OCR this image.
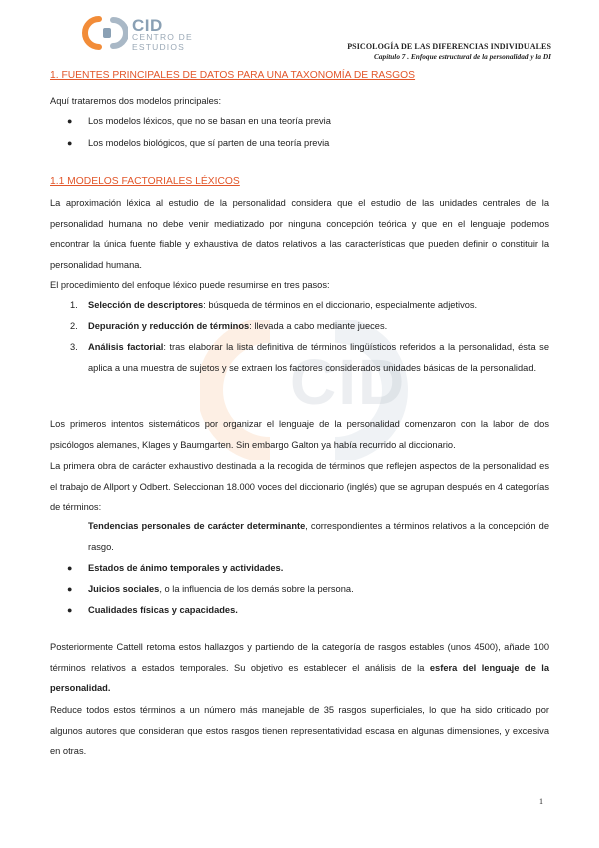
CID
CENTRO DE ESTUDIOS	PSICOLOGÍA DE LAS DIFERENCIAS INDIVIDUALES
Capítulo 7 . Enfoque estructural de la personalidad y la DI
CID
1. FUENTES PRINCIPALES DE DATOS PARA UNA TAXONOMÍA DE RASGOS
Aquí trataremos dos modelos principales:
● Los modelos léxicos, que no se basan en una teoría previa
● Los modelos biológicos, que sí parten de una teoría previa
1.1 MODELOS FACTORIALES LÉXICOS
La aproximación léxica al estudio de la personalidad considera que el estudio de las unidades centrales de la personalidad humana no debe venir mediatizado por ninguna concepción teórica y que en el lenguaje podemos encontrar la única fuente fiable y exhaustiva de datos relativos a las características que pueden definir o constituir la personalidad humana.
El procedimiento del enfoque léxico puede resumirse en tres pasos:
1. Selección de descriptores: búsqueda de términos en el diccionario, especialmente adjetivos.
2. Depuración y reducción de términos: llevada a cabo mediante jueces.
3. Análisis factorial: tras elaborar la lista definitiva de términos lingüísticos referidos a la personalidad, ésta se aplica a una muestra de sujetos y se extraen los factores considerados unidades básicas de la personalidad.
Los primeros intentos sistemáticos por organizar el lenguaje de la personalidad comenzaron con la labor de dos psicólogos alemanes, Klages y Baumgarten. Sin embargo Galton ya había recurrido al diccionario.
La primera obra de carácter exhaustivo destinada a la recogida de términos que reflejen aspectos de la personalidad es el trabajo de Allport y Odbert. Seleccionan 18.000 voces del diccionario (inglés) que se agrupan después en 4 categorías de términos:
Tendencias personales de carácter determinante, correspondientes a términos relativos a la concepción de rasgo.
● Estados de ánimo temporales y actividades.
● Juicios sociales, o la influencia de los demás sobre la persona.
● Cualidades físicas y capacidades.
Posteriormente Cattell retoma estos hallazgos y partiendo de la categoría de rasgos estables (unos 4500), añade 100 términos relativos a estados temporales. Su objetivo es establecer el análisis de la esfera del lenguaje de la personalidad.
Reduce todos estos términos a un número más manejable de 35 rasgos superficiales, lo que ha sido criticado por algunos autores que consideran que estos rasgos tienen representatividad escasa en algunas dimensiones, y excesiva en otras.
1
